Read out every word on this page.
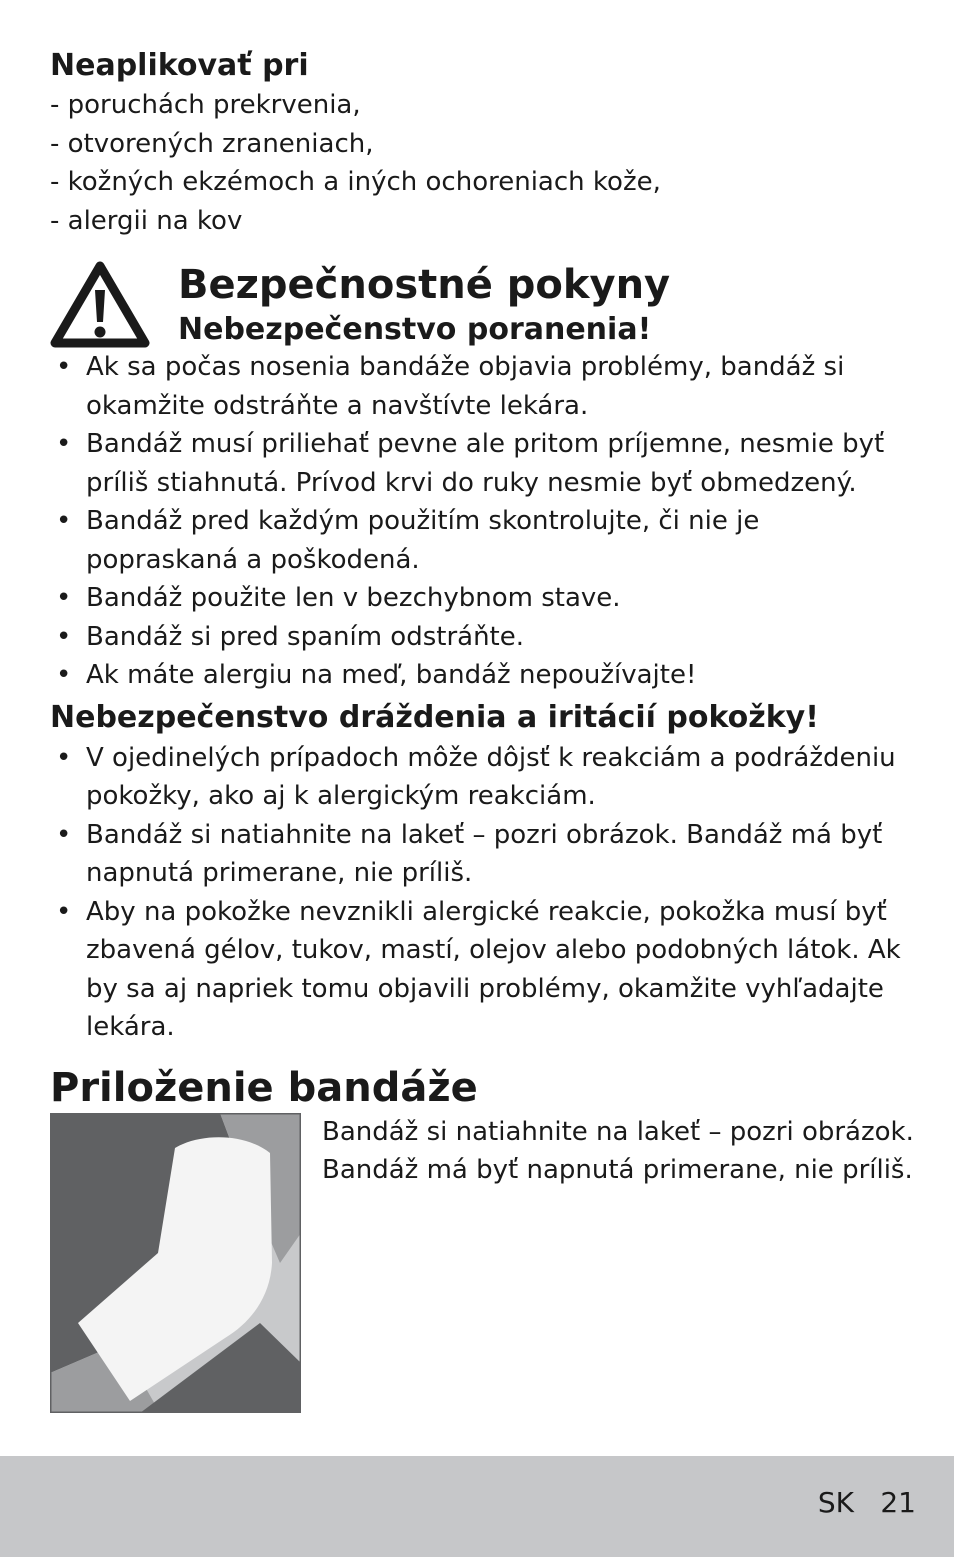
Neaplikovať pri
- poruchách prekrvenia,
- otvorených zraneniach,
- kožných ekzémoch a iných ochoreniach kože,
- alergii na kov
Bezpečnostné pokyny
Nebezpečenstvo poranenia!
• Ak sa počas nosenia bandáže objavia problémy, bandáž si okamžite odstráňte a navštívte lekára.
• Bandáž musí priliehať pevne ale pritom príjemne, nesmie byť príliš stiahnutá. Prívod krvi do ruky nesmie byť obmedzený.
• Bandáž pred každým použitím skontrolujte, či nie je popraskaná a poškodená.
• Bandáž použite len v bezchybnom stave.
• Bandáž si pred spaním odstráňte.
• Ak máte alergiu na meď, bandáž nepoužívajte!
Nebezpečenstvo dráždenia a iritácií pokožky!
• V ojedinelých prípadoch môže dôjsť k reakciám a podráždeniu pokožky, ako aj k alergickým reakciám.
• Bandáž si natiahnite na lakeť – pozri obrázok. Bandáž má byť napnutá primerane, nie príliš.
• Aby na pokožke nevznikli alergické reakcie, pokožka musí byť zbavená gélov, tukov, mastí, olejov alebo podobných látok. Ak by sa aj napriek tomu objavili problémy, okamžite vyhľadajte lekára.
Priloženie bandáže

Bandáž si natiahnite na lakeť – pozri obrázok. Bandáž má byť napnutá primerane, nie príliš.

SK 21
